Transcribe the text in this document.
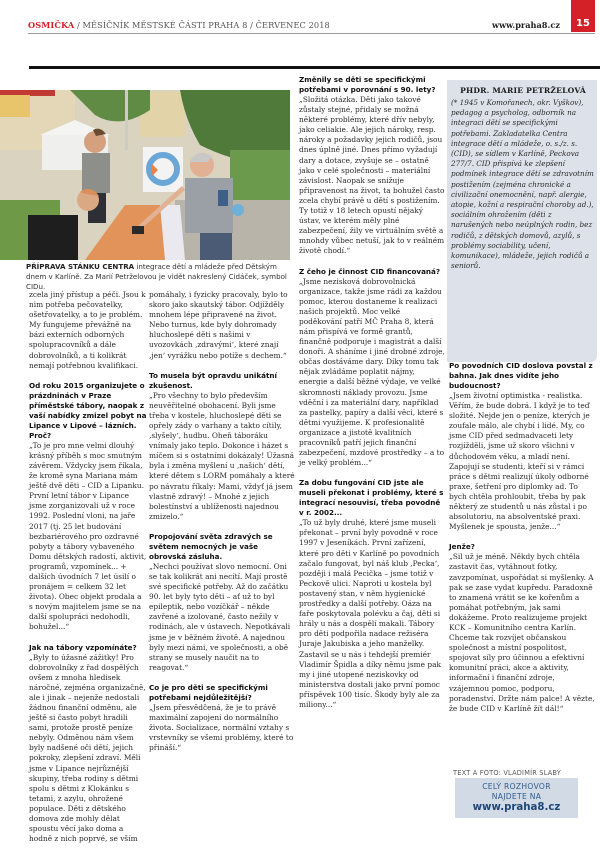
OSMIČKA / MĚSÍČNÍK MĚSTSKÉ ČÁSTI PRAHA 8 / ČERVENEC 2018	www.praha8.cz	15
PŘÍPRAVA STÁNKU CENTRA integrace dětí a mládeže před Dětským dnem v Karlíně. Za Marií Petrželovou je vidět nakreslený Cidáček, symbol CIDu.

zcela jiný přístup a péči. Jsou k nim potřeba pečovatelky, ošetřovatelky, a to je problém. My fungujeme převážně na bázi externích odborných spolupracovníků a dále dobrovolníků, a ti kolikrát nemají potřebnou kvalifikaci.

Od roku 2015 organizujete o prázdninách v Praze příměstské tábory, naopak z vaší nabídky zmizel pobyt na Lipance v Lipové – lázních. Proč?

„To je pro mne velmi dlouhý krásný příběh s moc smutným závěrem. Vždycky jsem říkala, že kromě syna Mariana mám ještě dvě děti – CID a Lipanku. První letní tábor v Lipance jsme zorganizovali už v roce 1992. Poslední vloni, na jaře 2017 (tj. 25 let budování bezbariérového pro ozdravné pobyty a tábory vybaveného Domu dětských radostí, aktivit, programů, vzpomínek... + dalších úvodních 7 let úsilí o pronájem = celkem 32 let života). Obec objekt prodala a s novým majitelem jsme se na další spolupráci nedohodli, bohužel...“

Jak na tábory vzpomínáte?

„Byly to úžasné zážitky! Pro dobrovolníky z řad dospělých ovšem z mnoha hledisek náročné, zejména organizačně, ale i jinak – nejenže nedostali žádnou finanční odměnu, ale ještě si často pobyt hradili sami, protože prostě peníze nebyly. Odměnou nám všem byly nadšené oči dětí, jejich pokroky, zlepšení zdraví. Měli jsme v Lipance nejrůznější skupiny, třeba rodiny s dětmi spolu s dětmi z Klokánku s tetami, z azylu, ohrožené populace. Děti z dětského domova zde mohly dělat spoustu věcí jako doma a hodně z nich poprvé, se vším

pomáhaly, i fyzicky pracovaly, bylo to skoro jako skautský tábor. Odjížděly mnohem lépe připravené na život. Nebo turnus, kde byly dohromady hluchoslepé děti s našimi v uvozovkách ‚zdravými‘, které znají ‚jen‘ vyrážku nebo potíže s dechem.“

To musela být opravdu unikátní zkušenost.

„Pro všechny to bylo především neuvěřitelné obohacení. Byli jsme třeba v kostele, hluchoslepé děti se opřely zády o varhany a takto cítily, ‚slyšely‘, hudbu. Oheň táboráku vnímaly jako teplo. Dokonce i házet s míčem si s ostatními dokázaly! Úžasná byla i změna myšlení u ‚našich‘ dětí, které dětem s LORM pomáhaly a které po návratu říkaly: Mami, vždyť já jsem vlastně zdravý! – Mnohé z jejich bolestínství a ublíženosti najednou zmizelo.“

Propojování světa zdravých se světem nemocných je vaše obrovská zásluha.

„Nechci používat slovo nemocní. Oni se tak kolikrát ani necítí. Mají prostě své specifické potřeby. Až do začátku 90. let byly tyto děti – ať už to byl epileptik, nebo vozíčkář – někde zavřené a izolované, často nežily v rodinách, ale v ústavech. Nepotkávali jsme je v běžném životě. A najednou byly mezi námi, ve společnosti, a obě strany se musely naučit na to reagovat.“

Co je pro děti se specifickými potřebami nejdůležitější?

„Jsem přesvědčená, že je to právě maximální zapojení do normálního života. Socializace, normální vztahy s vrstevníky se všemi problémy, které to přináší.“

Změnily se děti se specifickými potřebami v porovnání s 90. lety?

„Složitá otázka. Děti jako takové zůstaly stejné, přidaly se možná některé problémy, které dřív nebyly, jako celiakie. Ale jejich nároky, resp. nároky a požadavky jejich rodičů, jsou dnes úplně jiné. Dnes přímo vyžadují dary a dotace, zvyšuje se – ostatně jako v celé společnosti – materiální závislost. Naopak se snižuje připravenost na život, ta bohužel často zcela chybí právě u dětí s postižením. Ty totiž v 18 letech opustí nějaký ústav, ve kterém měly plné zabezpečení, žily ve virtuálním světě a mnohdy vůbec netuší, jak to v reálném životě chodí.“

Z čeho je činnost CID financovaná?

„Jsme nezisková dobrovolnická organizace, takže jsme rádi za každou pomoc, kterou dostaneme k realizaci našich projektů. Moc velké poděkování patří MČ Praha 8, která nám přispívá ve formě grantů, finančně podporuje i magistrát a další donoři. A sháníme i jiné drobné zdroje, občas dostáváme dary. Díky tomu tak nějak zvládáme poplatit nájmy, energie a další běžné výdaje, ve velké skromnosti náklady provozu. Jsme vděční i za materiální dary, například za pastelky, papíry a další věci, které s dětmi využijeme. K profesionalitě organizace a jistotě kvalitních pracovníků patří jejich finanční zabezpečení, mzdové prostředky – a to je velký problém...“

Za dobu fungování CID jste ale museli překonat i problémy, které s integrací nesouvisí, třeba povodně v r. 2002...

„To už byly druhé, které jsme museli překonat – první byly povodně v roce 1997 v Jeseníkách. První zařízení, které pro děti v Karlíně po povodních začalo fungovat, byl náš klub ‚Pecka‘, později i malá Pecička – jsme totiž v Peckově ulici. Naproti u kostela byl postavený stan, v něm hygienické prostředky a další potřeby. Oáza na faře poskytovala polévku a čaj, děti si hrály u nás a dospělí makali. Tábory pro děti podpořila nadace režiséra Juraje Jakubiska a jeho manželky. Zastavil se u nás i tehdejší premiér Vladimír Špidla a díky němu jsme pak my i jiné utopené neziskovky od ministerstva dostali jako první pomoc příspěvek 100 tisíc. Škody byly ale za miliony...“

PHDR. MARIE PETRŽELOVÁ
(* 1945 v Komořanech, okr. Vyškov), pedagog a psycholog, odborník na integraci dětí se specifickými potřebami. Zakladatelka Centra integrace dětí a mládeže, o. s./z. s. (CID), se sídlem v Karlíně, Peckova 277/7. CID přispívá ke zlepšení podmínek integrace dětí se zdravotním postižením (zejména chronické a civilizační onemocnění, např. alergie, atopie, kožní a respirační choroby ad.), sociálním ohrožením (děti z narušených nebo neúplných rodin, bez rodičů, z dětských domovů, azylů, s problémy sociability, učení, komunikace), mládeže, jejich rodičů a seniorů.

Po povodních CID doslova povstal z bahna. Jak dnes vidíte jeho budoucnost?

„Jsem životní optimistka - realistka. Věřím, že bude dobrá. I když je to teď složité. Nejde jen o peníze, kterých je zoufale málo, ale chybí i lidé. My, co jsme CID před sedmadvaceti lety rozjížděli, jsme už skoro všichni v důchodovém věku, a mladí není. Zapojují se studenti, kteří si v rámci práce s dětmi realizují úkoly odborné praxe, šetření pro diplomky ad. To bych chtěla prohloubit, třeba by pak některý ze studentů u nás zůstal i po absolutoriu, na absolventské praxi. Myšlenek je spousta, jenže...“

Jenže?

„Sil už je méně. Někdy bych chtěla zastavit čas, vytáhnout fotky, zavzpomínat, uspořádat si myšlenky. A pak se zase vydat kupředu. Paradoxně to znamená vrátit se ke kořenům a pomáhat potřebným, jak sami dokážeme. Proto realizujeme projekt KCK – Komunitního centra Karlín. Chceme tak rozvíjet občanskou společnost a místní pospolitost, spojovat síly pro účinnou a efektivní komunitní práci, akce a aktivity, informační i finanční zdroje, vzájemnou pomoc, podporu, poradenství. Držte nám palce! A vězte, že bude CID v Karlíně žít dál!“

TEXT A FOTO: VLADIMÍR SLABÝ
CELÝ ROZHOVOR
NAJDETE NA
www.praha8.cz
